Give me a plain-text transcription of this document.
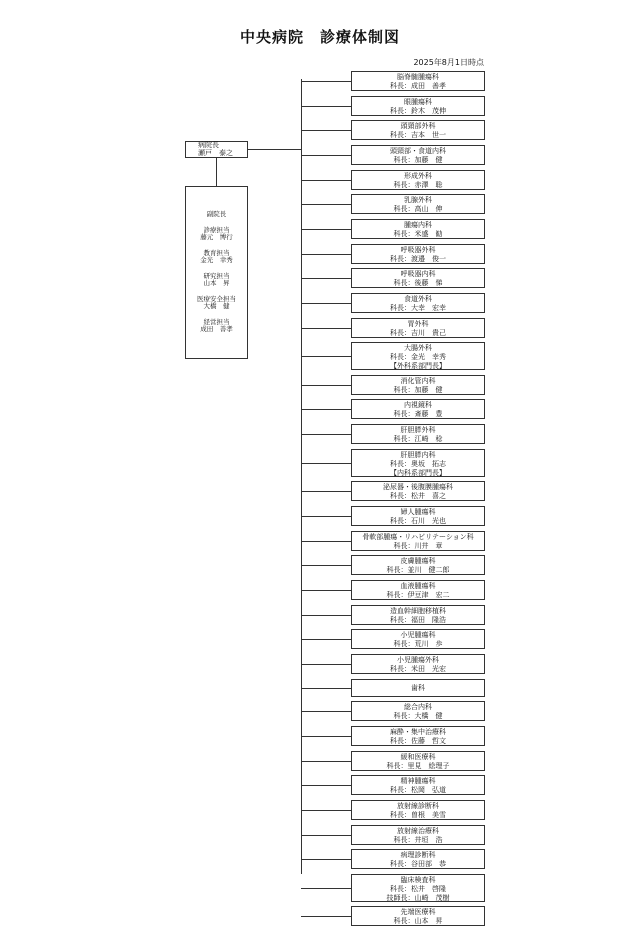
中央病院　診療体制図
2025年8月1日時点
病院長
瀬戸　泰之
副院長
診療担当
藤元　博行
教育担当
金光　幸秀
研究担当
山本　昇
医療安全担当
大橋　健
経営担当
成田　善孝
脳脊髄腫瘍科
科長：成田　善孝
眼腫瘍科
科長：鈴木　茂伸
頭頸部外科
科長：吉本　世一
頭頸部・食道内科
科長：加藤　健
形成外科
科長：赤澤　聡
乳腺外科
科長：高山　伸
腫瘍内科
科長：米盛　勧
呼吸器外科
科長：渡邉　俊一
呼吸器内科
科長：後藤　悌
食道外科
科長：大幸　宏幸
胃外科
科長：吉川　貴己
大腸外科
科長：金光　幸秀
【外科系部門長】
消化管内科
科長：加藤　健
内視鏡科
科長：斎藤　豊
肝胆膵外科
科長：江崎　稔
肝胆膵内科
科長：奥坂　拓志
【内科系部門長】
泌尿器・後腹膜腫瘍科
科長：松井　喜之
婦人腫瘍科
科長：石川　光也
骨軟部腫瘍・リハビリテーション科
科長：川井　章
皮膚腫瘍科
科長：並川　健二郎
血液腫瘍科
科長：伊豆津　宏二
造血幹細胞移植科
科長：福田　隆浩
小児腫瘍科
科長：荒川　歩
小児腫瘍外科
科長：米田　光宏
歯科
総合内科
科長：大橋　健
麻酔・集中治療科
科長：佐藤　哲文
緩和医療科
科長：里見　絵理子
精神腫瘍科
科長：松岡　弘道
放射線診断科
科長：曽根　美雪
放射線治療科
科長：井垣　浩
病理診断科
科長：谷田部　恭
臨床検査科
科長：松井　啓隆
技師長：山崎　茂樹
先端医療科
科長：山本　昇
